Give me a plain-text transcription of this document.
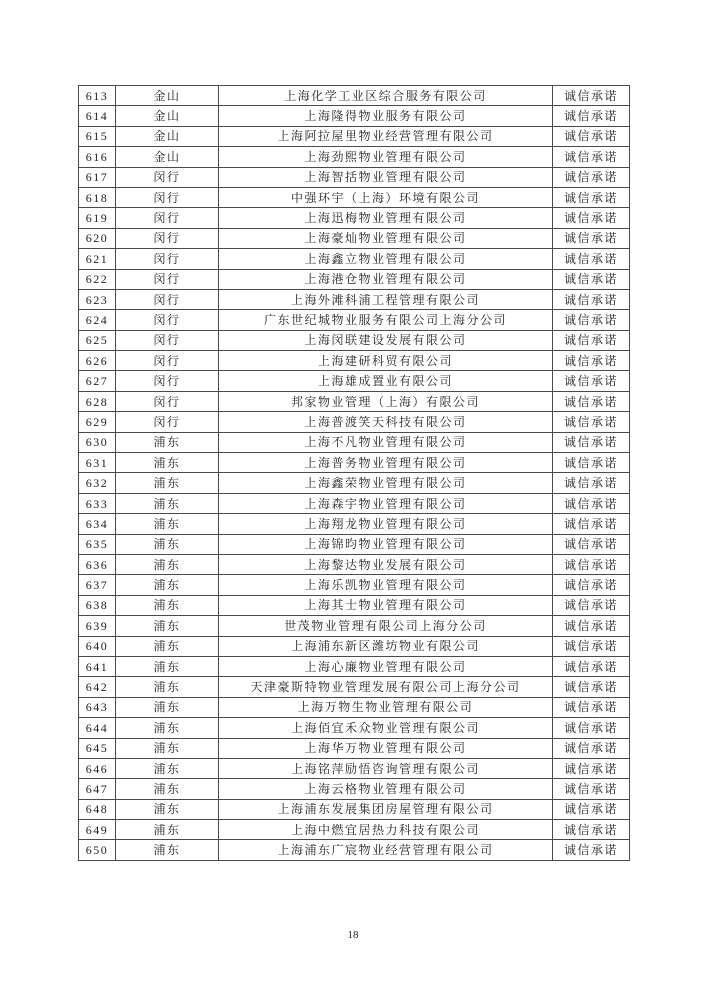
613	金山	上海化学工业区综合服务有限公司	诚信承诺
614	金山	上海隆得物业服务有限公司	诚信承诺
615	金山	上海阿拉屋里物业经营管理有限公司	诚信承诺
616	金山	上海劲熙物业管理有限公司	诚信承诺
617	闵行	上海智括物业管理有限公司	诚信承诺
618	闵行	中强环宇（上海）环境有限公司	诚信承诺
619	闵行	上海迅梅物业管理有限公司	诚信承诺
620	闵行	上海豪灿物业管理有限公司	诚信承诺
621	闵行	上海鑫立物业管理有限公司	诚信承诺
622	闵行	上海港仓物业管理有限公司	诚信承诺
623	闵行	上海外滩科浦工程管理有限公司	诚信承诺
624	闵行	广东世纪城物业服务有限公司上海分公司	诚信承诺
625	闵行	上海闵联建设发展有限公司	诚信承诺
626	闵行	上海建研科贸有限公司	诚信承诺
627	闵行	上海雄成置业有限公司	诚信承诺
628	闵行	邦家物业管理（上海）有限公司	诚信承诺
629	闵行	上海普渡笑天科技有限公司	诚信承诺
630	浦东	上海不凡物业管理有限公司	诚信承诺
631	浦东	上海普务物业管理有限公司	诚信承诺
632	浦东	上海鑫荣物业管理有限公司	诚信承诺
633	浦东	上海森宇物业管理有限公司	诚信承诺
634	浦东	上海翔龙物业管理有限公司	诚信承诺
635	浦东	上海锦昀物业管理有限公司	诚信承诺
636	浦东	上海黎达物业发展有限公司	诚信承诺
637	浦东	上海乐凯物业管理有限公司	诚信承诺
638	浦东	上海其士物业管理有限公司	诚信承诺
639	浦东	世茂物业管理有限公司上海分公司	诚信承诺
640	浦东	上海浦东新区潍坊物业有限公司	诚信承诺
641	浦东	上海心廉物业管理有限公司	诚信承诺
642	浦东	天津豪斯特物业管理发展有限公司上海分公司	诚信承诺
643	浦东	上海万物生物业管理有限公司	诚信承诺
644	浦东	上海佰宜禾众物业管理有限公司	诚信承诺
645	浦东	上海华万物业管理有限公司	诚信承诺
646	浦东	上海铭萍励悟咨询管理有限公司	诚信承诺
647	浦东	上海云格物业管理有限公司	诚信承诺
648	浦东	上海浦东发展集团房屋管理有限公司	诚信承诺
649	浦东	上海中燃宜居热力科技有限公司	诚信承诺
650	浦东	上海浦东广宸物业经营管理有限公司	诚信承诺
18
